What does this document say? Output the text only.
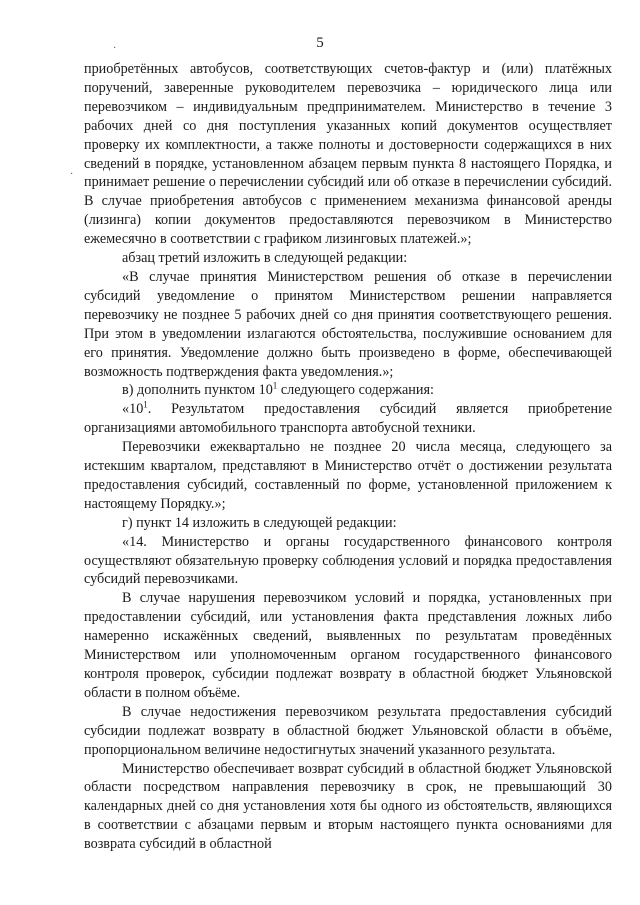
·
·
5

приобретённых автобусов, соответствующих счетов-фактур и (или) платёжных поручений, заверенные руководителем перевозчика – юридического лица или перевозчиком – индивидуальным предпринимателем. Министерство в течение 3 рабочих дней со дня поступления указанных копий документов осуществляет проверку их комплектности, а также полноты и достоверности содержащихся в них сведений в порядке, установленном абзацем первым пункта 8 настоящего Порядка, и принимает решение о перечислении субсидий или об отказе в перечислении субсидий. В случае приобретения автобусов с применением механизма финансовой аренды (лизинга) копии документов предоставляются перевозчиком в Министерство ежемесячно в соответствии с графиком лизинговых платежей.»;

абзац третий изложить в следующей редакции:

«В случае принятия Министерством решения об отказе в перечислении субсидий уведомление о принятом Министерством решении направляется перевозчику не позднее 5 рабочих дней со дня принятия соответствующего решения. При этом в уведомлении излагаются обстоятельства, послужившие основанием для его принятия. Уведомление должно быть произведено в форме, обеспечивающей возможность подтверждения факта уведомления.»;

в) дополнить пунктом $10^1$ следующего содержания:

«$10^1$. Результатом предоставления субсидий является приобретение организациями автомобильного транспорта автобусной техники.

Перевозчики ежеквартально не позднее 20 числа месяца, следующего за истекшим кварталом, представляют в Министерство отчёт о достижении результата предоставления субсидий, составленный по форме, установленной приложением к настоящему Порядку.»;

г) пункт 14 изложить в следующей редакции:

«14. Министерство и органы государственного финансового контроля осуществляют обязательную проверку соблюдения условий и порядка предоставления субсидий перевозчиками.

В случае нарушения перевозчиком условий и порядка, установленных при предоставлении субсидий, или установления факта представления ложных либо намеренно искажённых сведений, выявленных по результатам проведённых Министерством или уполномоченным органом государственного финансового контроля проверок, субсидии подлежат возврату в областной бюджет Ульяновской области в полном объёме.

В случае недостижения перевозчиком результата предоставления субсидий субсидии подлежат возврату в областной бюджет Ульяновской области в объёме, пропорциональном величине недостигнутых значений указанного результата.

Министерство обеспечивает возврат субсидий в областной бюджет Ульяновской области посредством направления перевозчику в срок, не превышающий 30 календарных дней со дня установления хотя бы одного из обстоятельств, являющихся в соответствии с абзацами первым и вторым настоящего пункта основаниями для возврата субсидий в областной
